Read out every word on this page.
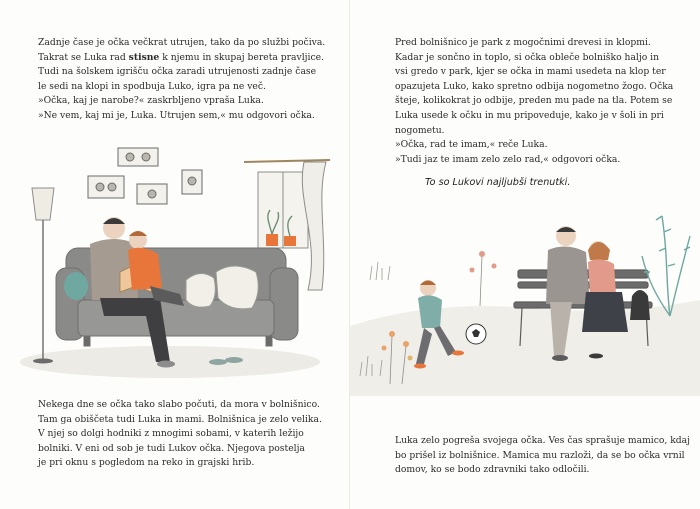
Zadnje čase je očka večkrat utrujen, tako da po službi počiva.
Takrat se Luka rad stisne k njemu in skupaj bereta pravljice.
Tudi na šolskem igrišču očka zaradi utrujenosti zadnje čase
le sedi na klopi in spodbuja Luko, igra pa ne več.
»Očka, kaj je narobe?« zaskrbljeno vpraša Luka.
»Ne vem, kaj mi je, Luka. Utrujen sem,« mu odgovori očka.
Nekega dne se očka tako slabo počuti, da mora v bolnišnico.
Tam ga obiščeta tudi Luka in mami. Bolnišnica je zelo velika.
V njej so dolgi hodniki z mnogimi sobami, v katerih ležijo
bolniki. V eni od sob je tudi Lukov očka. Njegova postelja
je pri oknu s pogledom na reko in grajski hrib.
Pred bolnišnico je park z mogočnimi drevesi in klopmi.
Kadar je sončno in toplo, si očka obleče bolniško haljo in
vsi gredo v park, kjer se očka in mami usedeta na klop ter
opazujeta Luko, kako spretno odbija nogometno žogo. Očka
šteje, kolikokrat jo odbije, preden mu pade na tla. Potem se
Luka usede k očku in mu pripoveduje, kako je v šoli in pri
nogometu.
»Očka, rad te imam,« reče Luka.
»Tudi jaz te imam zelo zelo rad,« odgovori očka.
To so Lukovi najljubši trenutki.
Luka zelo pogreša svojega očka. Ves čas sprašuje mamico, kdaj
bo prišel iz bolnišnice. Mamica mu razloži, da se bo očka vrnil
domov, ko se bodo zdravniki tako odločili.
